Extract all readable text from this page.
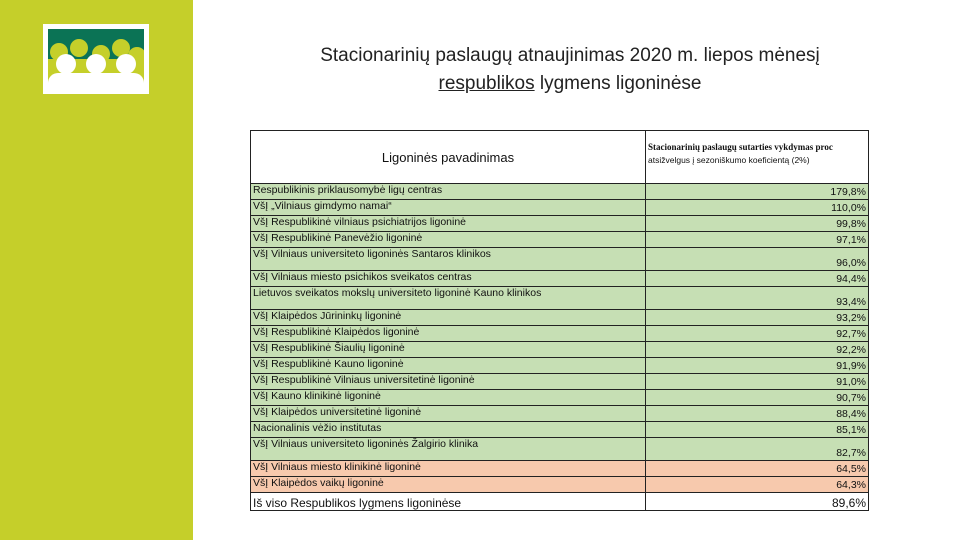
Stacionarinių paslaugų atnaujinimas 2020 m. liepos mėnesį
respublikos lygmens ligoninėse
Ligoninės pavadinimas	Stacionarinių paslaugų sutarties vykdymas proc
atsižvelgus į sezoniškumo koeficientą (2%)
Respublikinis priklausomybė ligų centras	179,8%
VšĮ „Vilniaus gimdymo namai“	110,0%
VšĮ Respublikinė vilniaus psichiatrijos ligoninė	99,8%
VšĮ Respublikinė Panevėžio ligoninė	97,1%
VšĮ Vilniaus universiteto ligoninės Santaros klinikos	96,0%
VšĮ Vilniaus miesto psichikos sveikatos centras	94,4%
Lietuvos sveikatos mokslų universiteto ligoninė Kauno klinikos	93,4%
VšĮ Klaipėdos Jūrininkų ligoninė	93,2%
VšĮ Respublikinė Klaipėdos ligoninė	92,7%
VšĮ Respublikinė Šiaulių ligoninė	92,2%
VšĮ Respublikinė Kauno ligoninė	91,9%
VšĮ Respublikinė Vilniaus universitetinė ligoninė	91,0%
VšĮ Kauno klinikinė ligoninė	90,7%
VšĮ Klaipėdos universitetinė ligoninė	88,4%
Nacionalinis vėžio institutas	85,1%
VšĮ Vilniaus universiteto ligoninės Žalgirio klinika	82,7%
VšĮ Vilniaus miesto klinikinė ligoninė	64,5%
VšĮ Klaipėdos vaikų ligoninė	64,3%
Iš viso Respublikos lygmens ligoninėse	89,6%
